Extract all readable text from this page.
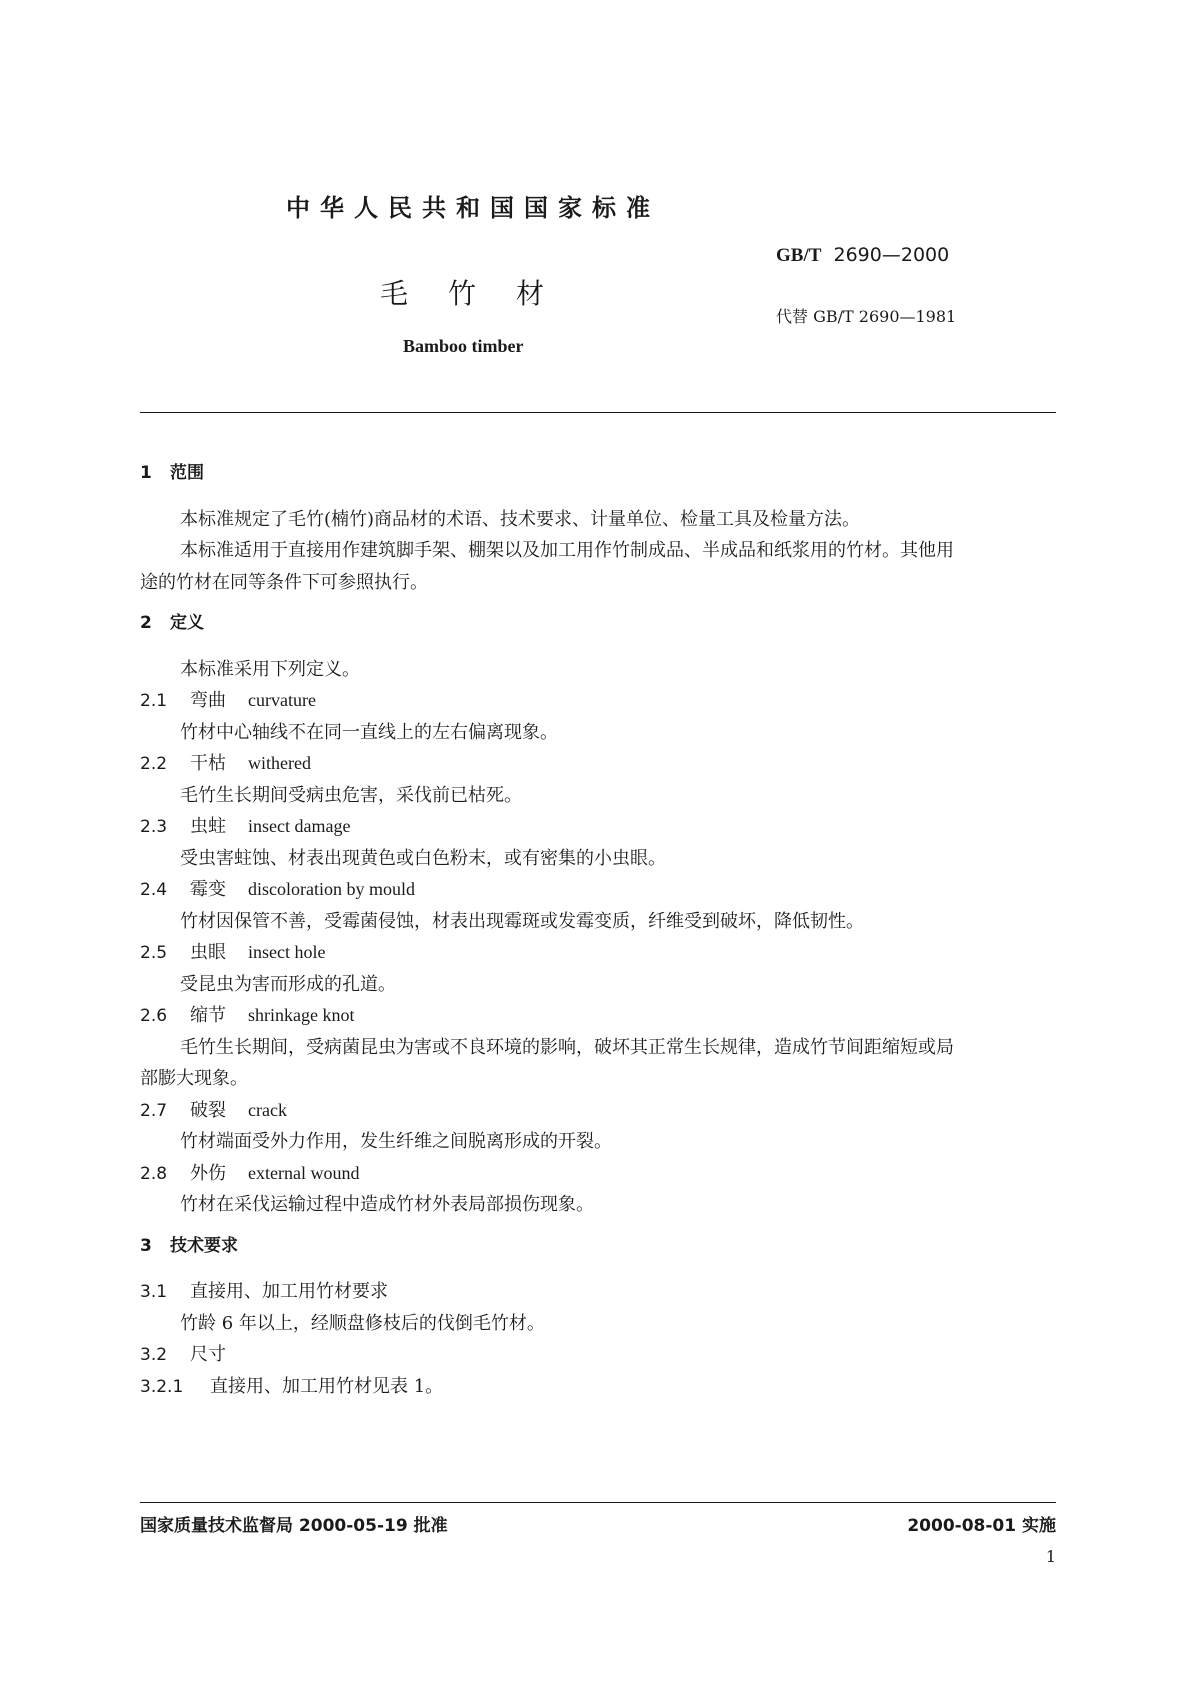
中华人民共和国国家标准
GB/T 2690—2000
毛竹材
代替 GB/T 2690—1981
Bamboo timber
1 范围
本标准规定了毛竹(楠竹)商品材的术语、技术要求、计量单位、检量工具及检量方法。
本标准适用于直接用作建筑脚手架、棚架以及加工用作竹制成品、半成品和纸浆用的竹材。其他用
途的竹材在同等条件下可参照执行。
2 定义
本标准采用下列定义。
2.1 弯曲 curvature
竹材中心轴线不在同一直线上的左右偏离现象。
2.2 干枯 withered
毛竹生长期间受病虫危害，采伐前已枯死。
2.3 虫蛀 insect damage
受虫害蛀蚀、材表出现黄色或白色粉末，或有密集的小虫眼。
2.4 霉变 discoloration by mould
竹材因保管不善，受霉菌侵蚀，材表出现霉斑或发霉变质，纤维受到破坏，降低韧性。
2.5 虫眼 insect hole
受昆虫为害而形成的孔道。
2.6 缩节 shrinkage knot
毛竹生长期间，受病菌昆虫为害或不良环境的影响，破坏其正常生长规律，造成竹节间距缩短或局
部膨大现象。
2.7 破裂 crack
竹材端面受外力作用，发生纤维之间脱离形成的开裂。
2.8 外伤 external wound
竹材在采伐运输过程中造成竹材外表局部损伤现象。
3 技术要求
3.1 直接用、加工用竹材要求
竹龄 6 年以上，经顺盘修枝后的伐倒毛竹材。
3.2 尺寸
3.2.1 直接用、加工用竹材见表 1。
国家质量技术监督局 2000-05-19 批准	2000-08-01 实施
1
